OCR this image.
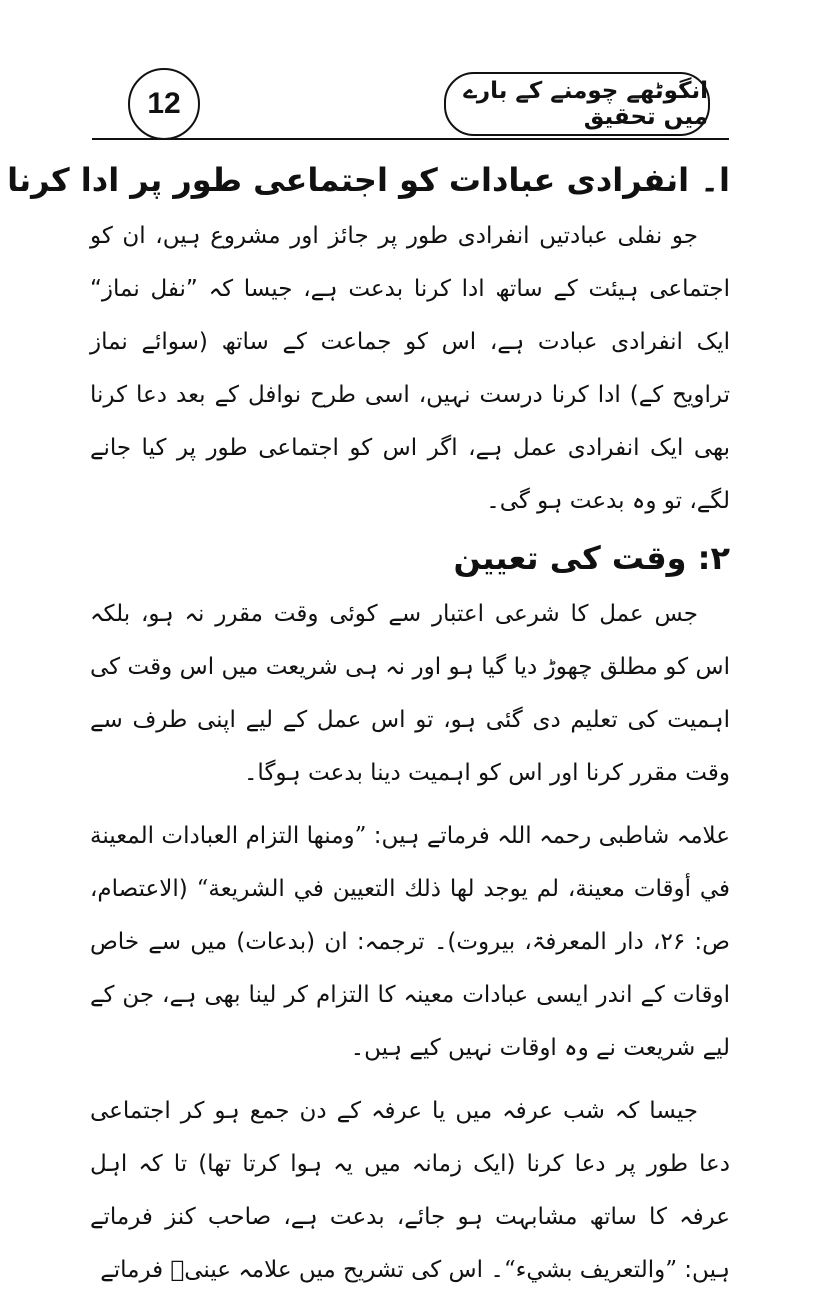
12	انگوٹھے چومنے کے بارے میں تحقیق
ا۔ انفرادی عبادات کو اجتماعی طور پر ادا کرنا

جو نفلی عبادتیں انفرادی طور پر جائز اور مشروع ہیں، ان کو اجتماعی ہیئت کے ساتھ ادا کرنا بدعت ہے، جیسا کہ ”نفل نماز“ ایک انفرادی عبادت ہے، اس کو جماعت کے ساتھ (سوائے نماز تراویح کے) ادا کرنا درست نہیں، اسی طرح نوافل کے بعد دعا کرنا بھی ایک انفرادی عمل ہے، اگر اس کو اجتماعی طور پر کیا جانے لگے، تو وہ بدعت ہو گی۔

۲: وقت کی تعیین

جس عمل کا شرعی اعتبار سے کوئی وقت مقرر نہ ہو، بلکہ اس کو مطلق چھوڑ دیا گیا ہو اور نہ ہی شریعت میں اس وقت کی اہمیت کی تعلیم دی گئی ہو، تو اس عمل کے لیے اپنی طرف سے وقت مقرر کرنا اور اس کو اہمیت دینا بدعت ہوگا۔

علامہ شاطبی رحمہ اللہ فرماتے ہیں: ”ومنها التزام العبادات المعينة في أوقات معينة، لم يوجد لها ذلك التعيين في الشريعة“ (الاعتصام، ص: ۲۶، دار المعرفۃ، بیروت)۔ ترجمہ: ان (بدعات) میں سے خاص اوقات کے اندر ایسی عبادات معینہ کا التزام کر لینا بھی ہے، جن کے لیے شریعت نے وہ اوقات نہیں کیے ہیں۔

جیسا کہ شب عرفہ میں یا عرفہ کے دن جمع ہو کر اجتماعی دعا طور پر دعا کرنا (ایک زمانہ میں یہ ہوا کرتا تھا) تا کہ اہل عرفہ کا ساتھ مشابہت ہو جائے، بدعت ہے، صاحب کنز فرماتے ہیں: ”والتعريف بشيء“۔ اس کی تشریح میں علامہ عینیؒ فرماتے
